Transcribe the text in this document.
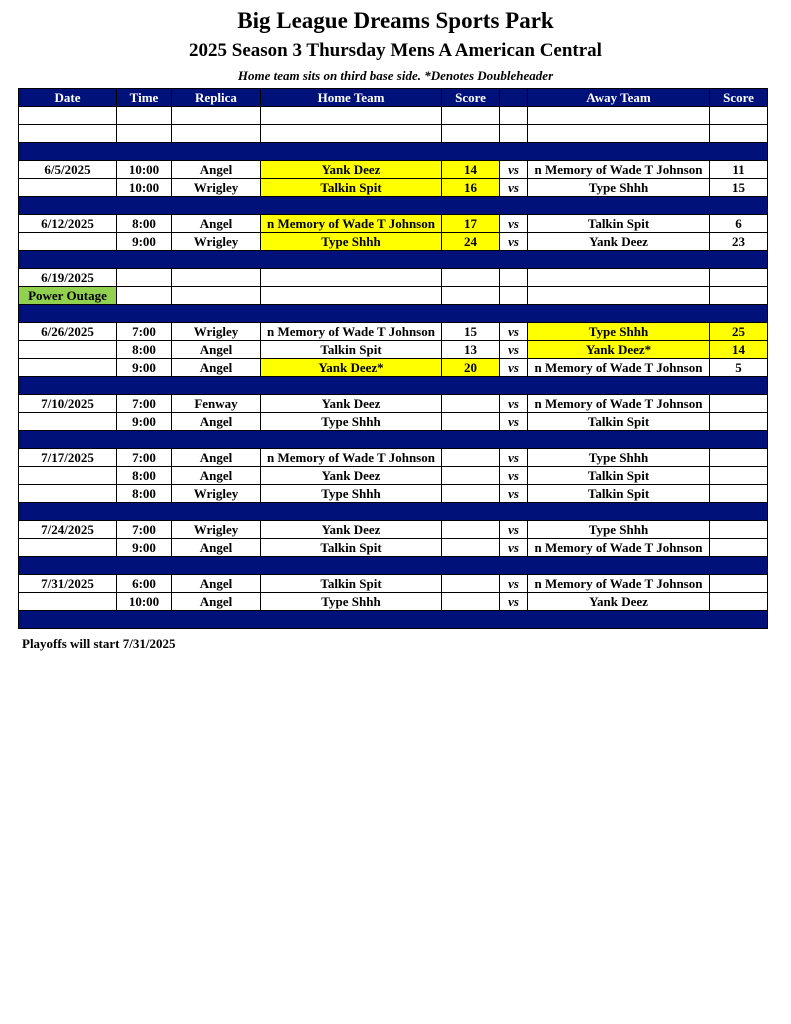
Big League Dreams Sports Park
2025 Season 3 Thursday Mens A American Central
Home team sits on third base side. *Denotes Doubleheader
Date	Time	Replica	Home Team	Score		Away Team	Score

6/5/2025	10:00	Angel	Yank Deez	14	vs	n Memory of Wade T Johnson	11
	10:00	Wrigley	Talkin Spit	16	vs	Type Shhh	15

6/12/2025	8:00	Angel	n Memory of Wade T Johnson	17	vs	Talkin Spit	6
	9:00	Wrigley	Type Shhh	24	vs	Yank Deez	23

6/19/2025							
Power Outage							

6/26/2025	7:00	Wrigley	n Memory of Wade T Johnson	15	vs	Type Shhh	25
	8:00	Angel	Talkin Spit	13	vs	Yank Deez*	14
	9:00	Angel	Yank Deez*	20	vs	n Memory of Wade T Johnson	5

7/10/2025	7:00	Fenway	Yank Deez		vs	n Memory of Wade T Johnson	
	9:00	Angel	Type Shhh		vs	Talkin Spit	

7/17/2025	7:00	Angel	n Memory of Wade T Johnson		vs	Type Shhh	
	8:00	Angel	Yank Deez		vs	Talkin Spit	
	8:00	Wrigley	Type Shhh		vs	Talkin Spit	

7/24/2025	7:00	Wrigley	Yank Deez		vs	Type Shhh	
	9:00	Angel	Talkin Spit		vs	n Memory of Wade T Johnson	

7/31/2025	6:00	Angel	Talkin Spit		vs	n Memory of Wade T Johnson	
	10:00	Angel	Type Shhh		vs	Yank Deez	

Playoffs will start 7/31/2025
